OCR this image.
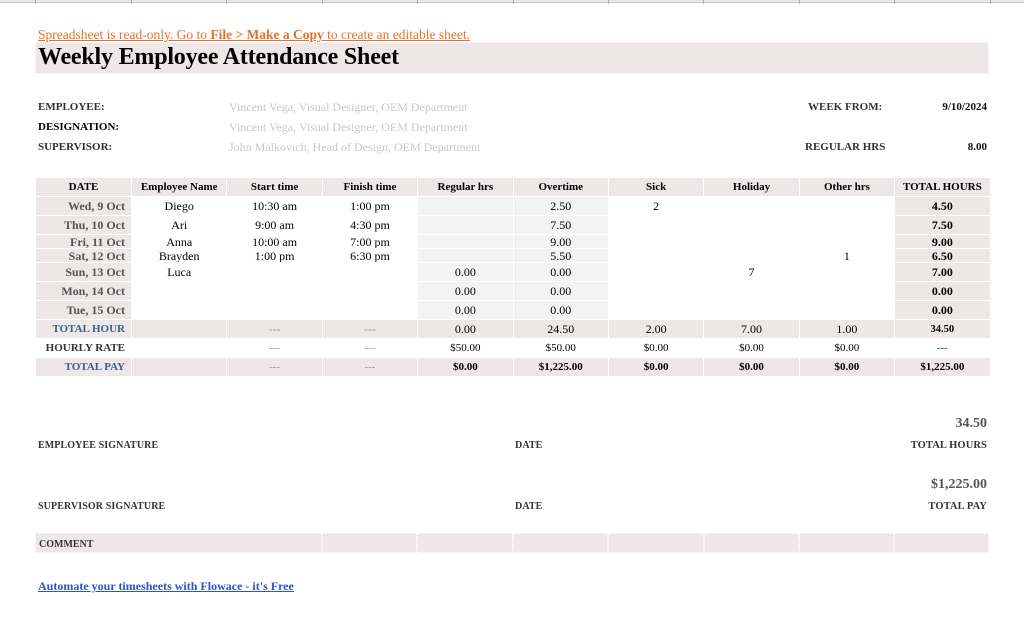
Spreadsheet is read-only. Go to File > Make a Copy to create an editable sheet.
Weekly Employee Attendance Sheet
EMPLOYEE:	Vincent Vega, Visual Designer, OEM Department
DESIGNATION:	Vincent Vega, Visual Designer, OEM Department
SUPERVISOR:	John Malkovich, Head of Design, OEM Department
WEEK FROM:	9/10/2024
REGULAR HRS	8.00
DATE	Employee Name	Start time	Finish time	Regular hrs	Overtime	Sick	Holiday	Other hrs	TOTAL HOURS
Wed, 9 Oct	Diego	10:30 am	1:00 pm		2.50	2			4.50
Thu, 10 Oct	Ari	9:00 am	4:30 pm		7.50				7.50
Fri, 11 Oct	Anna	10:00 am	7:00 pm		9.00				9.00
Sat, 12 Oct	Brayden	1:00 pm	6:30 pm		5.50			1	6.50
Sun, 13 Oct	Luca			0.00	0.00		7		7.00
Mon, 14 Oct				0.00	0.00				0.00
Tue, 15 Oct				0.00	0.00				0.00
TOTAL HOUR		---	---	0.00	24.50	2.00	7.00	1.00	34.50
HOURLY RATE		---	---	$50.00	$50.00	$0.00	$0.00	$0.00	---
TOTAL PAY		---	---	$0.00	$1,225.00	$0.00	$0.00	$0.00	$1,225.00
34.50
EMPLOYEE SIGNATURE	DATE	TOTAL HOURS
$1,225.00
SUPERVISOR SIGNATURE	DATE	TOTAL PAY
COMMENT
Automate your timesheets with Flowace - it's Free
